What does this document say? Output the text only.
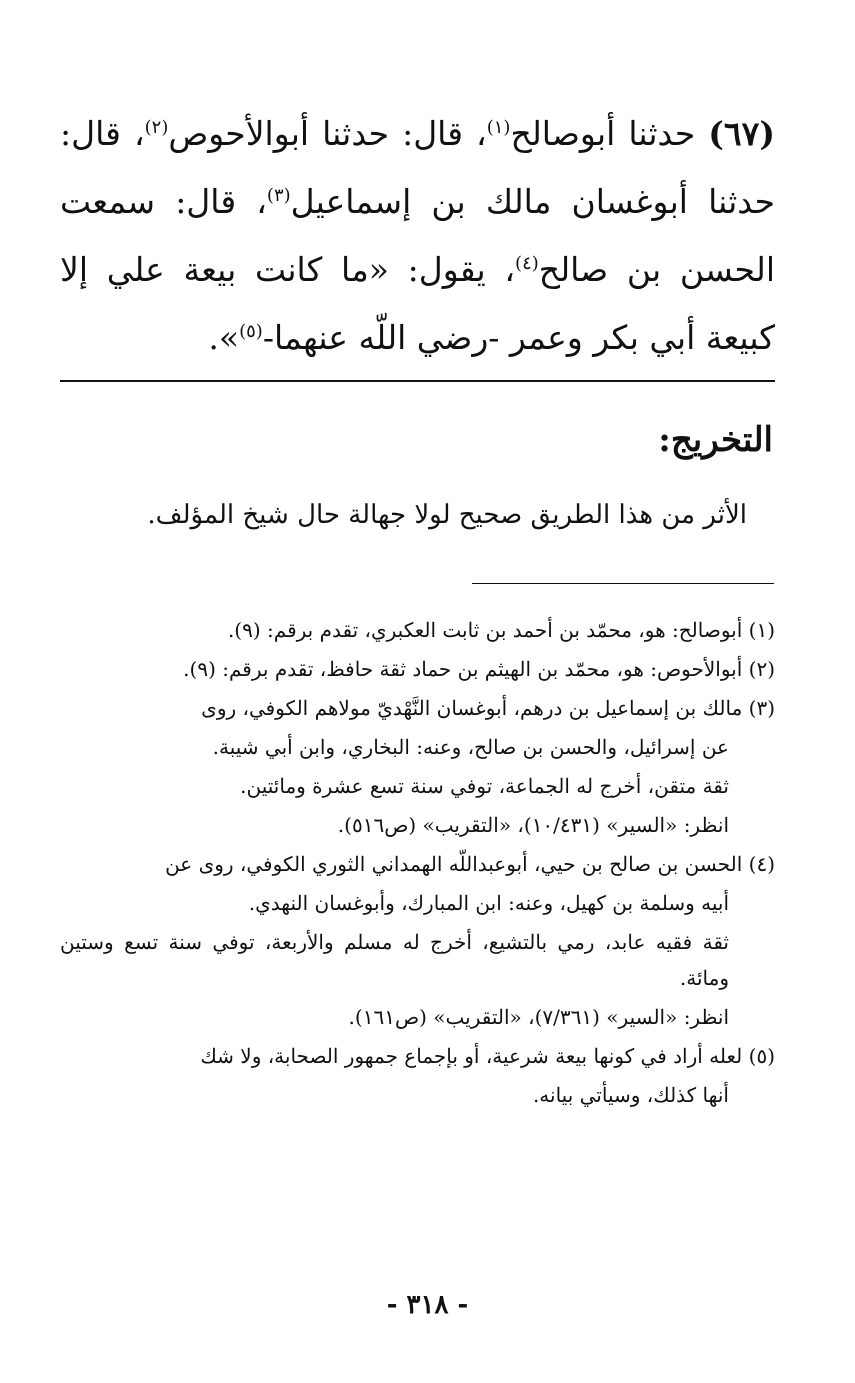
(٦٧) حدثنا أبوصالح$^{(١)}$، قال: حدثنا أبوالأحوص$^{(٢)}$، قال: حدثنا أبوغسان مالك بن إسماعيل$^{(٣)}$، قال: سمعت الحسن بن صالح$^{(٤)}$، يقول: «ما كانت بيعة علي إلا كبيعة أبي بكر وعمر -رضي اللّه عنهما-$^{(٥)}$».

التخريج:

الأثر من هذا الطريق صحيح لولا جهالة حال شيخ المؤلف.

(١) أبوصالح: هو، محمّد بن أحمد بن ثابت العكبري، تقدم برقم: (٩).

(٢) أبوالأحوص: هو، محمّد بن الهيثم بن حماد ثقة حافظ، تقدم برقم: (٩).

(٣) مالك بن إسماعيل بن درهم، أبوغسان النَّهْديّ مولاهم الكوفي، روى

عن إسرائيل، والحسن بن صالح، وعنه: البخاري، وابن أبي شيبة.

ثقة متقن، أخرج له الجماعة، توفي سنة تسع عشرة ومائتين.

انظر: «السير» (١٠/٤٣١)، «التقريب» (ص٥١٦).

(٤) الحسن بن صالح بن حيي، أبوعبداللّه الهمداني الثوري الكوفي، روى عن

أبيه وسلمة بن كهيل، وعنه: ابن المبارك، وأبوغسان النهدي.

ثقة فقيه عابد، رمي بالتشيع، أخرج له مسلم والأربعة، توفي سنة تسع وستين ومائة.

انظر: «السير» (٧/٣٦١)، «التقريب» (ص١٦١).

(٥) لعله أراد في كونها بيعة شرعية، أو بإجماع جمهور الصحابة، ولا شك

أنها كذلك، وسيأتي بيانه.

- ٣١٨ -
